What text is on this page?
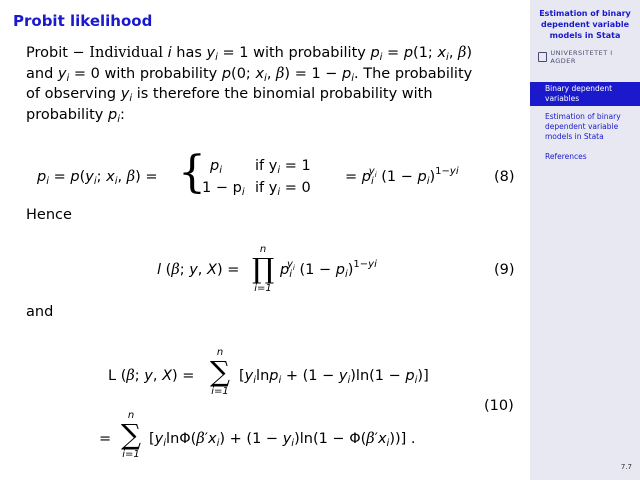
Probit likelihood
Probit − Individual i has $y_i = 1$ with probability $p_i = p(1$; $x_i$, β)
and $y_i = 0$ with probability p(0; $x_i$, $\beta) = 1 - p_i$. The probability
of observing $y_i$ is therefore the binomial probability with
probability $p_i$:
$p_i = p(y_i$; $x_i$, β) = { $p_i$ if $y_i = 1$
$1 - p_i$ if $y_i = 0$
= $p_i^{y_i}$ $(1 - p_i)^{1-yi}$ (8)
Hence
l (β; y, X) =
n
∏
i=1
$p_i^{y_i}$ $(1 - p_i)^{1-yi}$	(9)
and
L (β; y, X) =
n
∑
i=1
$[y_i\ln p_i + (1 - y_i)\ln(1 - p_i)]$
(10)
=
n
∑
i=1
$[y_i\ln\Phi(\beta'x_i) + (1 - y_i)\ln(1 - \Phi(\beta'x_i))]$ .
Estimation of binary dependent variable models in Stata
UNIVERSITETET I AGDER
Binary dependent variables
Estimation of binary dependent variable models in Stata
References
7.7
